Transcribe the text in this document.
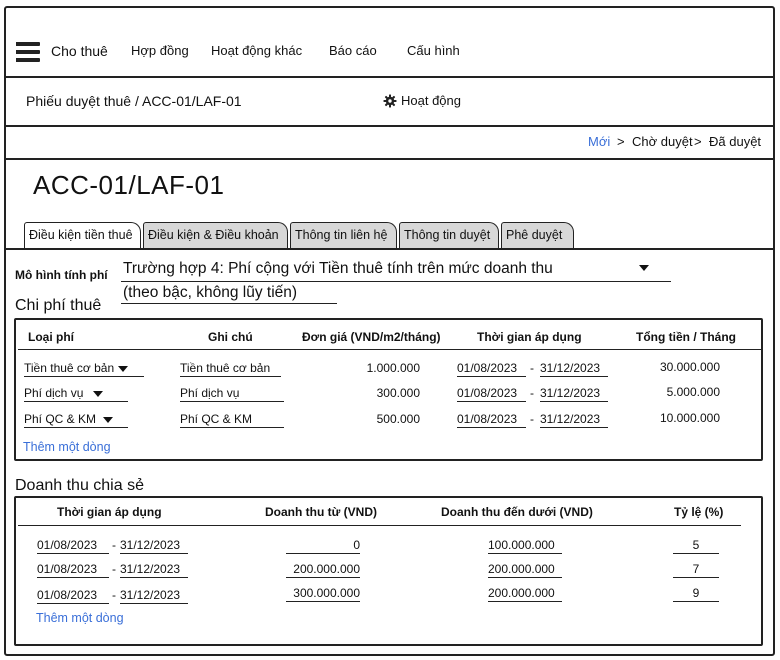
Cho thuê Hợp đồng Hoạt động khác Báo cáo Cấu hình
Phiếu duyệt thuê / ACC-01/LAF-01	Hoạt động
Mới > Chờ duyệt > Đã duyệt
ACC-01/LAF-01
Điều kiện tiền thuê	Điều kiện & Điều khoản	Thông tin liên hệ	Thông tin duyệt	Phê duyệt
Mô hình tính phí Trường hợp 4: Phí cộng với Tiền thuê tính trên mức doanh thu
(theo bậc, không lũy tiến)
Chi phí thuê
Loại phí	Ghi chú	Đơn giá (VND/m2/tháng)	Thời gian áp dụng	Tổng tiền / Tháng
Tiền thuê cơ bản	Tiền thuê cơ bản	1.000.000	01/08/2023	- 31/12/2023	30.000.000
Phí dịch vụ	Phí dịch vụ	300.000	01/08/2023	- 31/12/2023	5.000.000
Phí QC & KM	Phí QC & KM	500.000	01/08/2023	- 31/12/2023	10.000.000
Thêm một dòng
Doanh thu chia sẻ
Thời gian áp dụng	Doanh thu từ (VND)	Doanh thu đến dưới (VND)	Tỷ lệ (%)
01/08/2023	- 31/12/2023	0	100.000.000	5
01/08/2023	- 31/12/2023	200.000.000	200.000.000	7
01/08/2023	- 31/12/2023	300.000.000	200.000.000	9
Thêm một dòng
